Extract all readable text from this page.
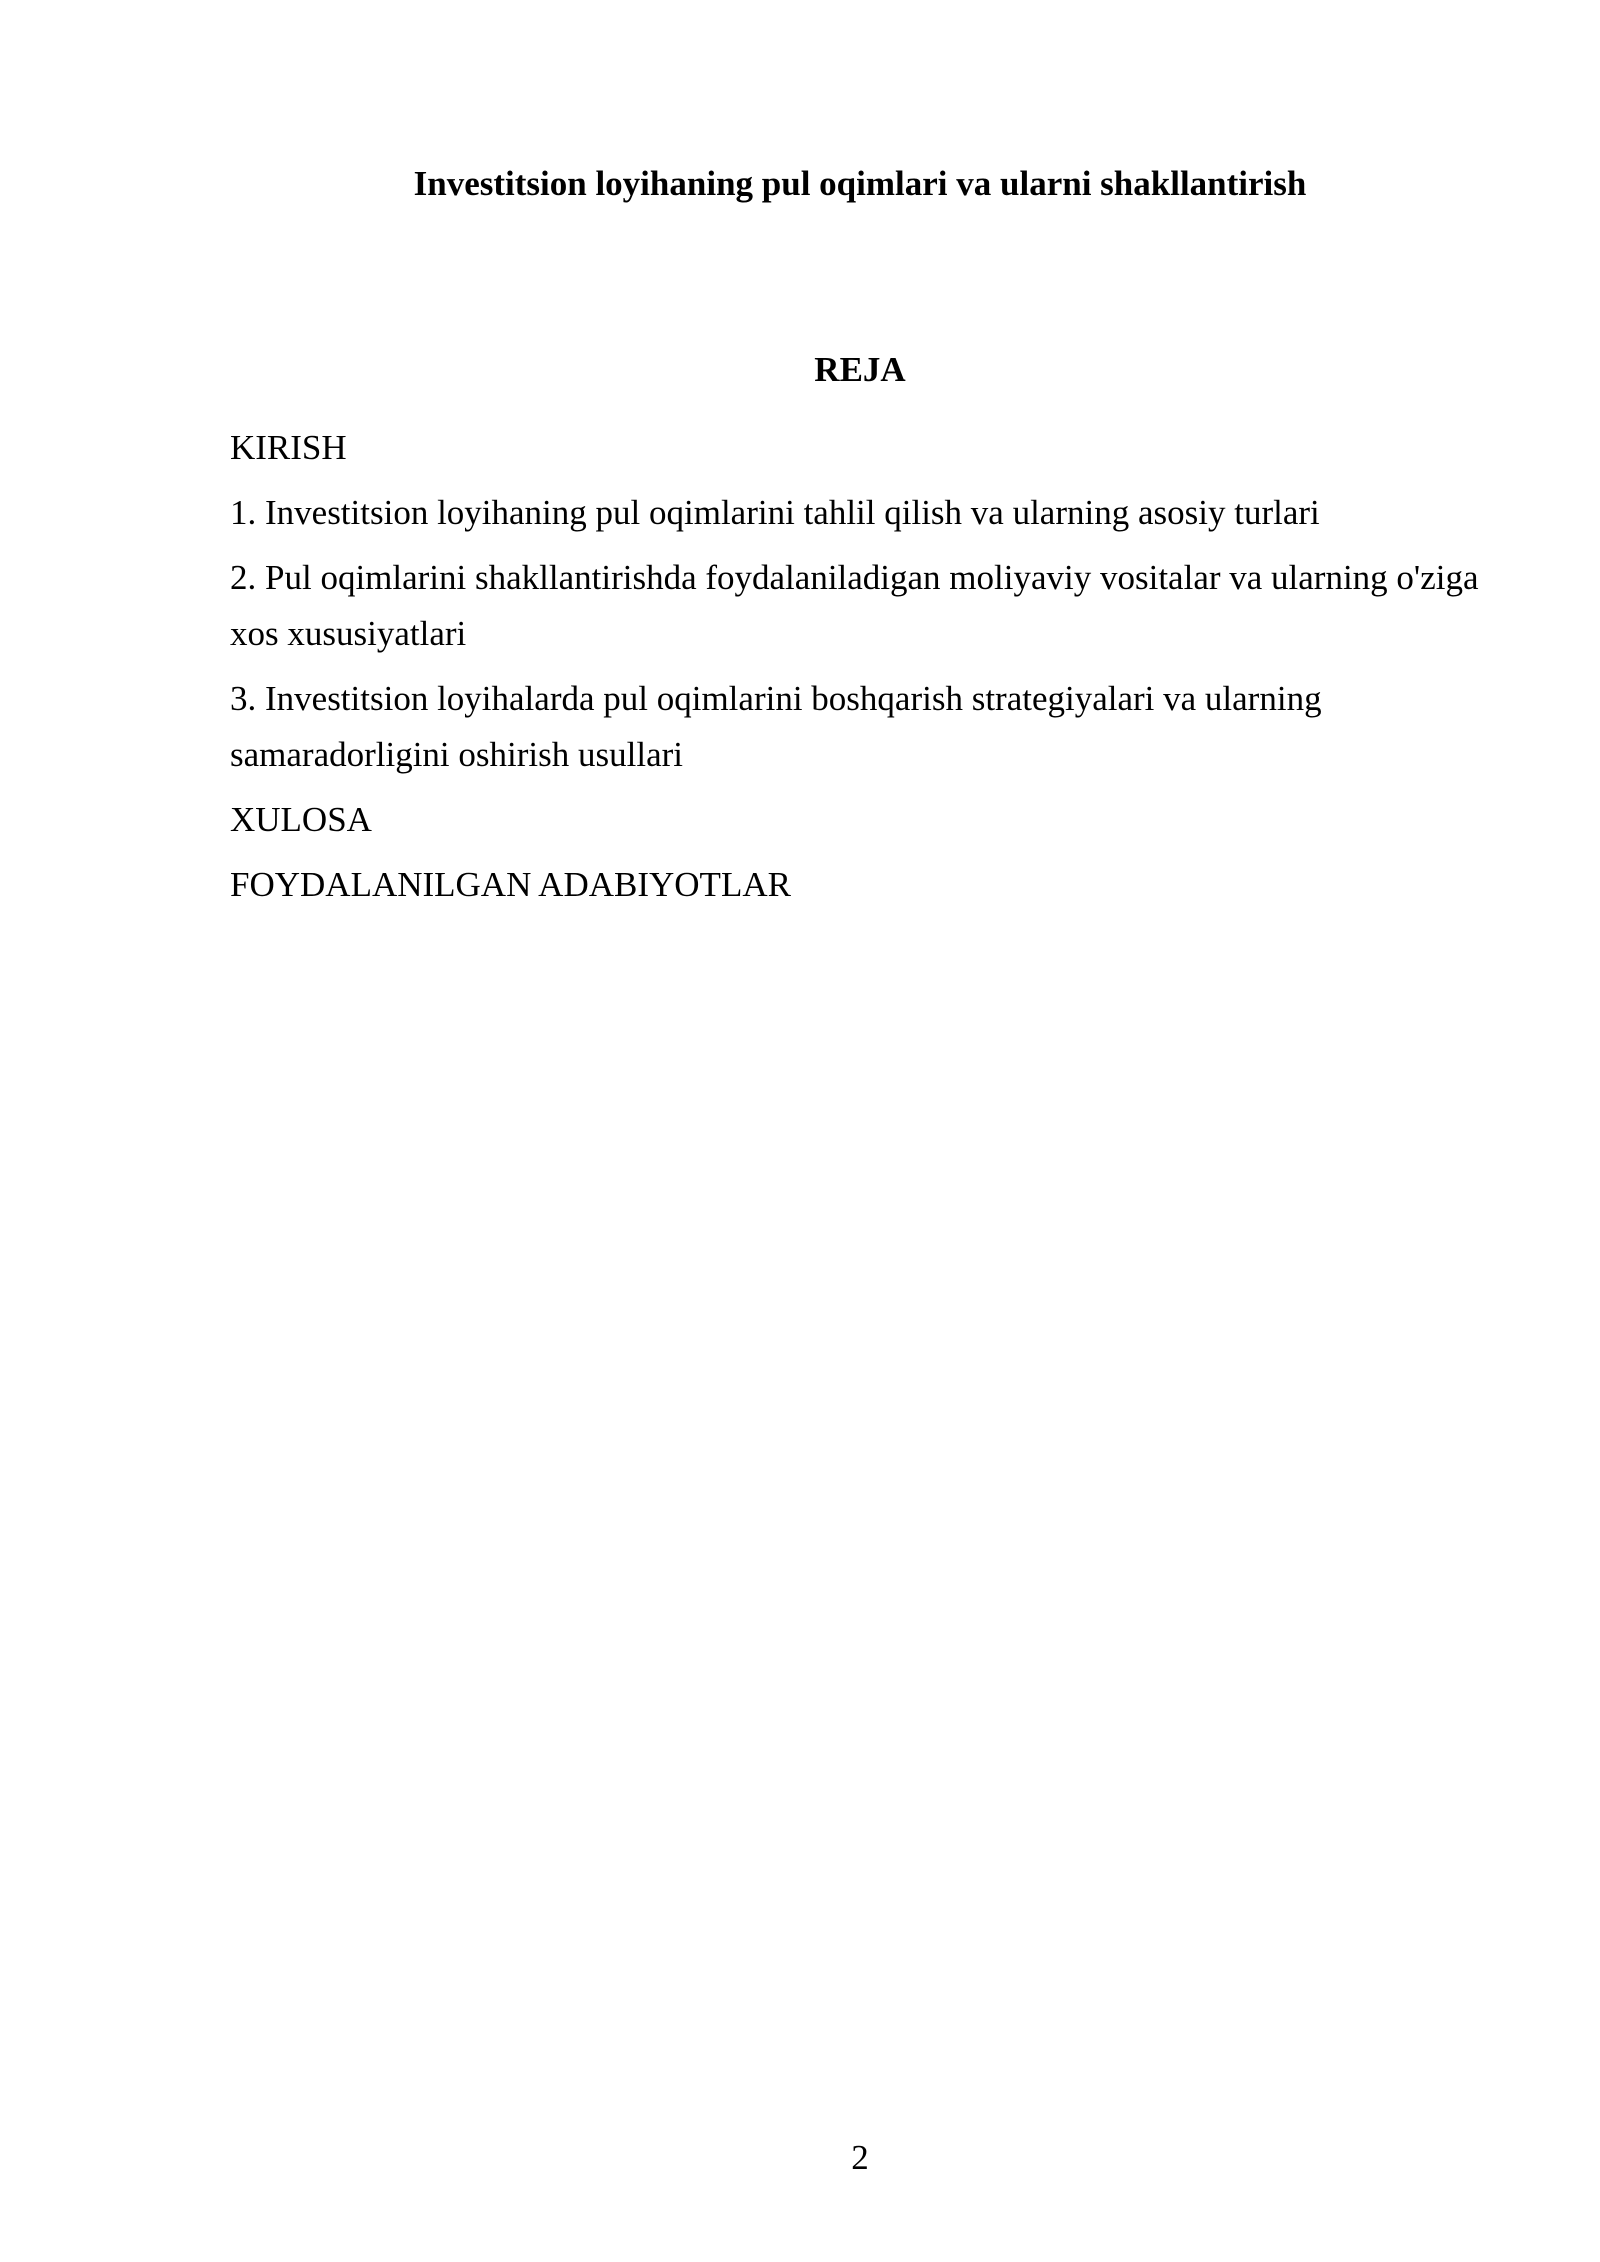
Investitsion loyihaning pul oqimlari va ularni shakllantirish
REJA
KIRISH
1. Investitsion loyihaning pul oqimlarini tahlil qilish va ularning asosiy turlari
2. Pul oqimlarini shakllantirishda foydalaniladigan moliyaviy vositalar va ularning o'ziga xos xususiyatlari
3. Investitsion loyihalarda pul oqimlarini boshqarish strategiyalari va ularning samaradorligini oshirish usullari
XULOSA
FOYDALANILGAN ADABIYOTLAR
2
